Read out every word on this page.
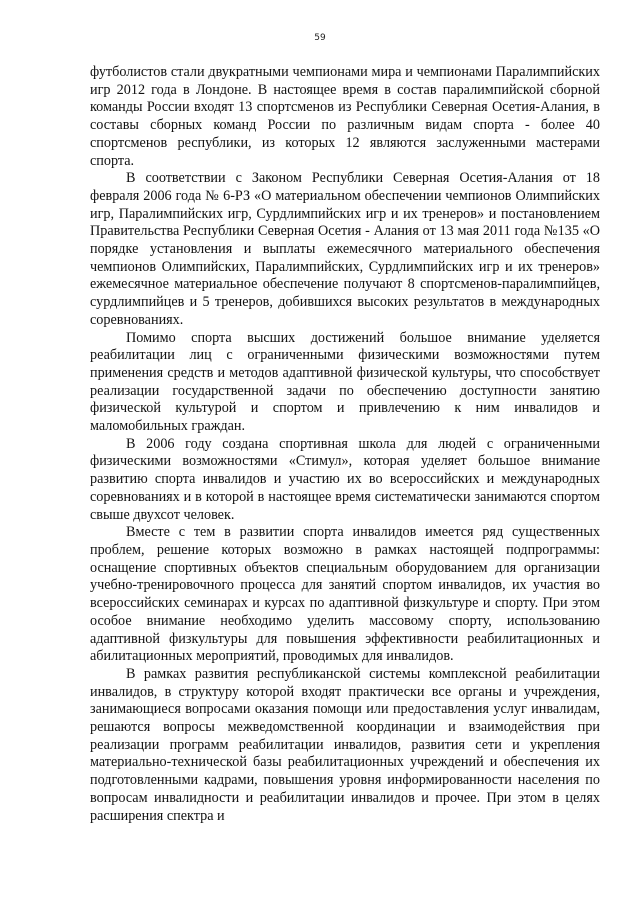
59

футболистов стали двукратными чемпионами мира и чемпионами Паралимпийских игр 2012 года в Лондоне. В настоящее время в состав паралимпийской сборной команды России входят 13 спортсменов из Республики Северная Осетия-Алания, в составы сборных команд России по различным видам спорта - более 40 спортсменов республики, из которых 12 являются заслуженными мастерами спорта.

В соответствии с Законом Республики Северная Осетия-Алания от 18 февраля 2006 года № 6-РЗ «О материальном обеспечении чемпионов Олимпийских игр, Паралимпийских игр, Сурдлимпийских игр и их тренеров» и постановлением Правительства Республики Северная Осетия - Алания от 13 мая 2011 года №135 «О порядке установления и выплаты ежемесячного материального обеспечения чемпионов Олимпийских, Паралимпийских, Сурдлимпийских игр и их тренеров» ежемесячное материальное обеспечение получают 8 спортсменов-паралимпийцев, сурдлимпийцев и 5 тренеров, добившихся высоких результатов в международных соревнованиях.

Помимо спорта высших достижений большое внимание уделяется реабилитации лиц с ограниченными физическими возможностями путем применения средств и методов адаптивной физической культуры, что способствует реализации государственной задачи по обеспечению доступности занятию физической культурой и спортом и привлечению к ним инвалидов и маломобильных граждан.

В 2006 году создана спортивная школа для людей с ограниченными физическими возможностями «Стимул», которая уделяет большое внимание развитию спорта инвалидов и участию их во всероссийских и международных соревнованиях и в которой в настоящее время систематически занимаются спортом свыше двухсот человек.

Вместе с тем в развитии спорта инвалидов имеется ряд существенных проблем, решение которых возможно в рамках настоящей подпрограммы: оснащение спортивных объектов специальным оборудованием для организации учебно-тренировочного процесса для занятий спортом инвалидов, их участия во всероссийских семинарах и курсах по адаптивной физкультуре и спорту. При этом особое внимание необходимо уделить массовому спорту, использованию адаптивной физкультуры для повышения эффективности реабилитационных и абилитационных мероприятий, проводимых для инвалидов.

В рамках развития республиканской системы комплексной реабилитации инвалидов, в структуру которой входят практически все органы и учреждения, занимающиеся вопросами оказания помощи или предоставления услуг инвалидам, решаются вопросы межведомственной координации и взаимодействия при реализации программ реабилитации инвалидов, развития сети и укрепления материально-технической базы реабилитационных учреждений и обеспечения их подготовленными кадрами, повышения уровня информированности населения по вопросам инвалидности и реабилитации инвалидов и прочее. При этом в целях расширения спектра и
